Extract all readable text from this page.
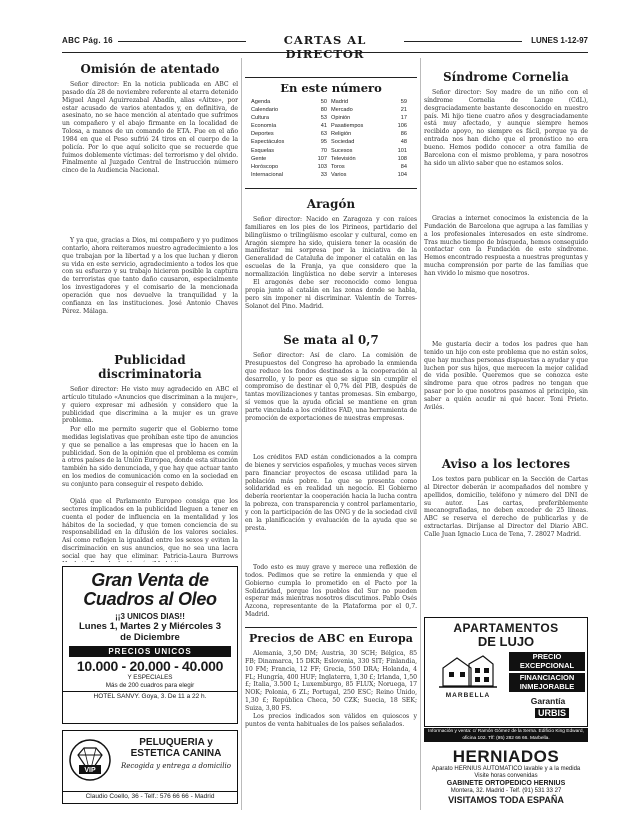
ABC Pág. 16	CARTAS AL DIRECTOR
LUNES 1-12-97
Omisión de atentado
Señor director: En la noticia publicada en ABC el pasado día 28 de noviembre referente al etarra detenido Miguel Angel Aguirrezabal Abadín, alias «Aitxe», por estar acusado de varios atentados y, en definitiva, de asesinato, no se hace mención al atentado que sufrimos un compañero y el abajo firmante en la localidad de Tolosa, a manos de un comando de ETA. Fue en el año 1984 en que el Peso sufrió 24 tiros en el cuerpo de la policía. Por lo que aquí solicito que se recuerde que fuimos doblemente víctimas: del terrorismo y del olvido. Finalmente al Juzgado Central de Instrucción número cinco de la Audiencia Nacional.
Y ya que, gracias a Dios, mi compañero y yo pudimos contarlo, ahora reiteramos nuestro agradecimiento a los que trabajan por la libertad y a los que luchan y dieron su vida en este servicio, agradecimiento a todos los que con su esfuerzo y su trabajo hicieron posible la captura de terroristas que tanto daño causaron, especialmente los investigadores y el comisario de la mencionada operación que nos devuelve la tranquilidad y la confianza en las instituciones. José Antonio Chaves Pérez. Málaga.
Publicidad discriminatoria
Señor director: He visto muy agradecido en ABC el artículo titulado «Anuncios que discriminan a la mujer», y quiero expresar mi adhesión y considero que la publicidad que discrimina a la mujer es un grave problema.
Por ello me permito sugerir que el Gobierno tome medidas legislativas que prohíban este tipo de anuncios y que se penalice a las empresas que lo hacen en la publicidad. Son de la opinión que el problema es común a otros países de la Unión Europea, donde esta situación también ha sido denunciada, y que hay que actuar tanto en los medios de comunicación como en la sociedad en su conjunto para conseguir el respeto debido.
Ojalá que el Parlamento Europeo consiga que los sectores implicados en la publicidad lleguen a tener en cuenta el poder de influencia en la mentalidad y los hábitos de la sociedad, y que tomen conciencia de su responsabilidad en la difusión de los valores sociales. Así como reflejen la igualdad entre los sexos y eviten la discriminación en sus anuncios, que no sea una lacra social que hay que eliminar. Patricia-Laura Burrows
Gran Venta de
Cuadros al Oleo
¡¡3 UNICOS DIAS!!
Lunes 1, Martes 2 y Miércoles 3
de Diciembre
PRECIOS UNICOS
10.000 - 20.000 - 40.000
Y ESPECIALES
Más de 200 cuadros para elegir
HOTEL SANVY. Goya, 3. De 11 a 22 h.
VIP
PELUQUERIA y ESTETICA CANINA
Recogida y entrega a domicilio
Claudio Coello, 36 - Telf.: 576 66 66 - Madrid
En este número
Agenda	50 Madrid	59
Calendario	80 Mercado	21
Cultura	53 Opinión	17
Economía	41 Pasatiempos	106
Deportes	63 Religión	86
Espectáculos	95 Sociedad	48
Esquelas	70 Sucesos	101
Gente	107 Televisión	108
Horóscopo	103 Toros	84
Internacional	33 Varios	104
Aragón
Señor director: Nacido en Zaragoza y con raíces familiares en los pies de los Pirineos, partidario del bilingüismo o trilingüismo escolar y cultural, como en Aragón siempre ha sido, quisiera tener la ocasión de manifestar mi sorpresa por la iniciativa de la Generalidad de Cataluña de imponer el catalán en las escuelas de la Franja, ya que considero que la normalización lingüística no debe servir a intereses
El aragonés debe ser reconocido como lengua propia junto al catalán en las zonas donde se habla, pero sin imponer ni discriminar. Valentín de Torres-Solanot del Pino. Madrid.
Se mata al 0,7
Señor director: Así de claro. La comisión de Presupuestos del Congreso ha aprobado la enmienda que reduce los fondos destinados a la cooperación al desarrollo, y lo peor es que se sigue sin cumplir el compromiso de destinar el 0,7% del PIB, después de tantas movilizaciones y tantas promesas. Sin embargo, sí vemos que la ayuda oficial se mantiene en gran parte vinculada a los créditos FAD, una herramienta de promoción de exportaciones de nuestras empresas.
Los créditos FAD están condicionados a la compra de bienes y servicios españoles, y muchas veces sirven para financiar proyectos de escasa utilidad para la población más pobre. Lo que se presenta como solidaridad es en realidad un negocio. El Gobierno debería reorientar la cooperación hacia la lucha contra la pobreza, con transparencia y control parlamentario, y con la participación de las ONG y de la sociedad civil en la planificación y evaluación de la ayuda que se presta.
Todo esto es muy grave y merece una reflexión de todos. Pedimos que se retire la enmienda y que el Gobierno cumpla lo prometido en el Pacto por la Solidaridad, porque los pueblos del Sur no pueden esperar más mientras nosotros discutimos. Pablo Osés Azcona, representante de la Plataforma por el 0,7. Madrid.
Precios de ABC en Europa
Alemania, 3,50 DM; Austria, 30 SCH; Bélgica, 85 FB; Dinamarca, 15 DKR; Eslovenia, 330 SIT; Finlandia, 10 FM; Francia, 12 FF; Grecia, 550 DRA; Holanda, 4 FL; Hungría, 400 HUF; Inglaterra, 1,30 £; Irlanda, 1,50 £; Italia, 3.500 L; Luxemburgo, 85 FLUX; Noruega, 17 NOK; Polonia, 6 ZL; Portugal, 250 ESC; Reino Unido, 1,30 £; República Checa, 50 CZK; Suecia, 18 SEK; Suiza, 3,80 FS.
Los precios indicados son válidos en quioscos y puntos de venta habituales de los países señalados.
Síndrome Cornelia
Señor director: Soy madre de un niño con el síndrome Cornelia de Lange (CdL), desgraciadamente bastante desconocido en nuestro país. Mi hijo tiene cuatro años y desgraciadamente está muy afectado, y aunque siempre hemos recibido apoyo, no siempre es fácil, porque ya de entrada nos han dicho que el pronóstico no era bueno. Hemos podido conocer a otra familia de Barcelona con el mismo problema, y para nosotros ha sido un alivio saber que no estamos solos.
Gracias a internet conocimos la existencia de la Fundación de Barcelona que agrupa a las familias y a los profesionales interesados en este síndrome. Tras mucho tiempo de búsqueda, hemos conseguido contactar con la Fundación de este síndrome. Hemos encontrado respuesta a nuestras preguntas y mucha comprensión por parte de las familias que han vivido lo mismo que nosotros.
Me gustaría decir a todos los padres que han tenido un hijo con este problema que no están solos, que hay muchas personas dispuestas a ayudar y que luchen por sus hijos, que merecen la mejor calidad de vida posible. Queremos que se conozca este síndrome para que otros padres no tengan que pasar por lo que nosotros pasamos al principio, sin saber a quién acudir ni qué hacer. Toni Prieto. Avilés.
Aviso a los lectores
Los textos para publicar en la Sección de Cartas al Director deberán ir acompañados del nombre y apellidos, domicilio, teléfono y número del DNI de su autor. Las cartas, preferiblemente mecanografiadas, no deben exceder de 25 líneas. ABC se reserva el derecho de publicarlas y de extractarlas. Diríjanse al Director del Diario ABC. Calle Juan Ignacio Luca de Tena, 7. 28027 Madrid.
APARTAMENTOS
DE LUJO
PRECIO EXCEPCIONAL
FINANCIACION INMEJORABLE
MARBELLA
Garantía
URBIS
Información y venta: c/ Ramón Gómez de la Serna. Edificio King Edward, oficina 102. Tlf: (95) 282 66 66. Marbella.
HERNIADOS
Aparato HERNIUS AUTOMATICO lavable y a la medida
Visite horas convenidas
GABINETE ORTOPEDICO HERNIUS
Montera, 32. Madrid - Telf. (91) 531 33 27
VISITAMOS TODA ESPAÑA
